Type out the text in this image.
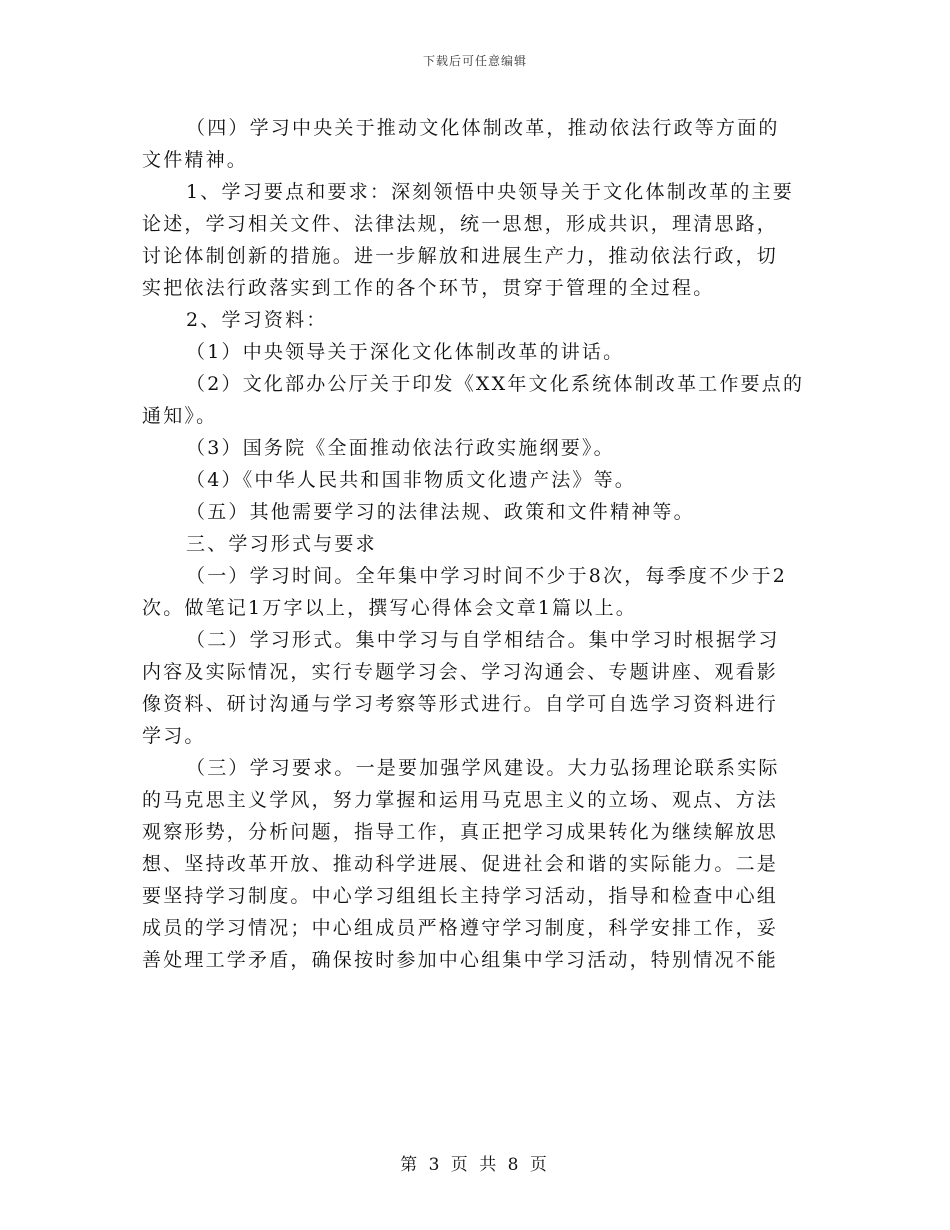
下载后可任意编辑
（四）学习中央关于推动文化体制改革，推动依法行政等方面的
文件精神。
1、学习要点和要求：深刻领悟中央领导关于文化体制改革的主要
论述，学习相关文件、法律法规，统一思想，形成共识，理清思路，
讨论体制创新的措施。进一步解放和进展生产力，推动依法行政，切
实把依法行政落实到工作的各个环节，贯穿于管理的全过程。
2、学习资料：
（1）中央领导关于深化文化体制改革的讲话。
（2）文化部办公厅关于印发《XX年文化系统体制改革工作要点的
通知》。
（3）国务院《全面推动依法行政实施纲要》。
（4）《中华人民共和国非物质文化遗产法》等。
（五）其他需要学习的法律法规、政策和文件精神等。
三、学习形式与要求
（一）学习时间。全年集中学习时间不少于8次，每季度不少于2
次。做笔记1万字以上，撰写心得体会文章1篇以上。
（二）学习形式。集中学习与自学相结合。集中学习时根据学习
内容及实际情况，实行专题学习会、学习沟通会、专题讲座、观看影
像资料、研讨沟通与学习考察等形式进行。自学可自选学习资料进行
学习。
（三）学习要求。一是要加强学风建设。大力弘扬理论联系实际
的马克思主义学风，努力掌握和运用马克思主义的立场、观点、方法
观察形势，分析问题，指导工作，真正把学习成果转化为继续解放思
想、坚持改革开放、推动科学进展、促进社会和谐的实际能力。二是
要坚持学习制度。中心学习组组长主持学习活动，指导和检查中心组
成员的学习情况；中心组成员严格遵守学习制度，科学安排工作，妥
善处理工学矛盾，确保按时参加中心组集中学习活动，特别情况不能
第 3 页 共 8 页
